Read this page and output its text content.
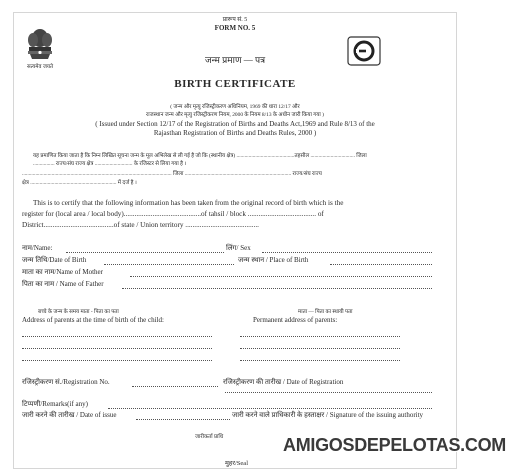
सत्यमेव जयते
प्रारूप सं. 5
FORM NO. 5
जन्म प्रमाण — पत्र
BIRTH CERTIFICATE
( जन्म और मृत्यु रजिस्ट्रीकरण अधिनियम, 1969 की धारा 12/17 और
राजस्थान जन्म और मृत्यु रजिस्ट्रीकरण नियम, 2000 के नियम 8/13 के अधीन जारी किया गया )
( Issued under Section 12/17 of the Registration of Births and Deaths Act,1969 and Rule 8/13 of the
Rajasthan Registration of Births and Deaths Rules, 2000 )
यह प्रमाणित किया जाता है कि निम्न लिखित सूचना जन्म के मूल अभिलेख से ली गई है जो कि (स्थानीय क्षेत्र) ...........................................तहसील ................................. जिला
................ राज्य/संघ राज्य क्षेत्र ............................ के रजिस्टर से लिया गया है ।
............................................................................................................... जिला ............................................................................... राज्य/संघ राज्य
क्षेत्र ................................................................ में दर्ज है ।
This is to certify that the following information has been taken from the original record of birth which is the
register for (local area / local body)...........................................of tahsil / block ...................................... of
District.......................................of state / Union territory .........................................
नाम/Name:	लिंग/ Sex
जन्म तिथि/Date of Birth	जन्म स्थान / Place of Birth
माता का नाम/Name of Mother
पिता का नाम / Name of Father
बच्चे के जन्म के समय माता - पिता का पता	माता — पिता का स्थायी पता
Address of parents at the time of birth of the child:	Permanent address of parents:
रजिस्ट्रीकरण सं./Registration No.	रजिस्ट्रीकरण की तारीख / Date of Registration
टिप्पणी/Remarks(if any)
जारी करने की तारीख / Date of issue	जारी करने वाले प्राधिकारी के हस्ताक्षर / Signature of the issuing authority
जारीकर्ता प्राधि
मुहर/Seal
AMIGOSDEPELOTAS.COM
